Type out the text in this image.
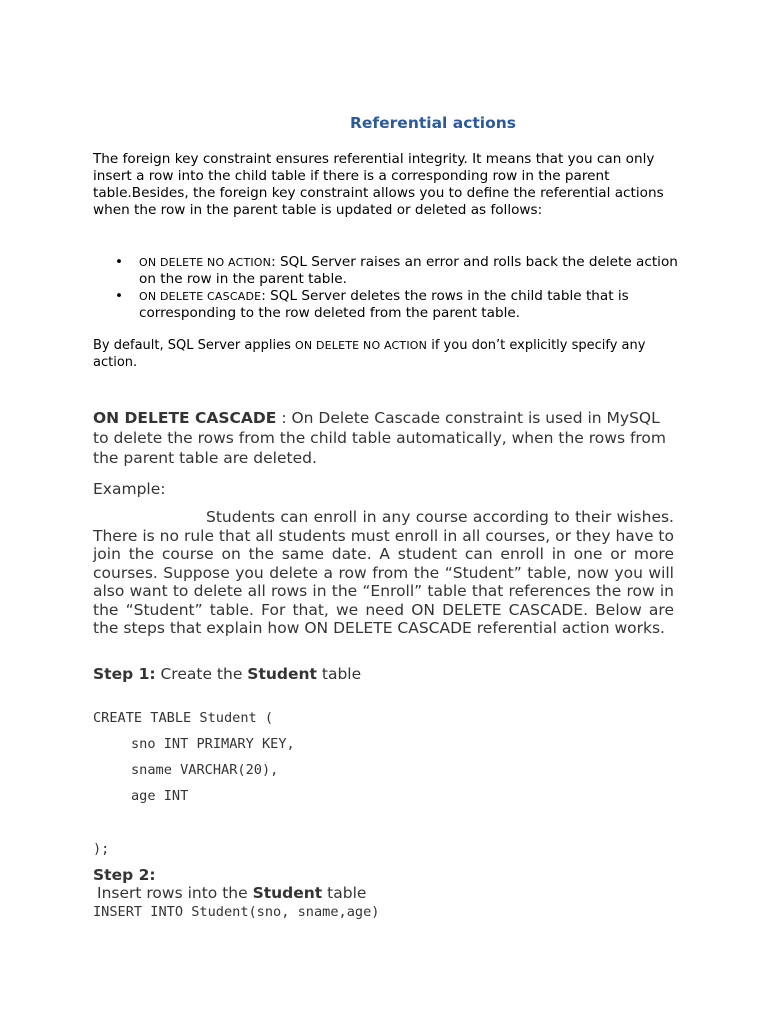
Referential actions

The foreign key constraint ensures referential integrity. It means that you can only insert a row into the child table if there is a corresponding row in the parent table.Besides, the foreign key constraint allows you to define the referential actions when the row in the parent table is updated or deleted as follows:

• ON DELETE NO ACTION: SQL Server raises an error and rolls back the delete action on the row in the parent table.
• ON DELETE CASCADE: SQL Server deletes the rows in the child table that is corresponding to the row deleted from the parent table.

By default, SQL Server applies ON DELETE NO ACTION if you don’t explicitly specify any action.

ON DELETE CASCADE : On Delete Cascade constraint is used in MySQL to delete the rows from the child table automatically, when the rows from the parent table are deleted.

Example:

Students can enroll in any course according to their wishes. There is no rule that all students must enroll in all courses, or they have to join the course on the same date. A student can enroll in one or more courses. Suppose you delete a row from the “Student” table, now you will also want to delete all rows in the “Enroll” table that references the row in the “Student” table. For that, we need ON DELETE CASCADE. Below are the steps that explain how ON DELETE CASCADE referential action works.

Step 1: Create the Student table

CREATE TABLE Student (
sno INT PRIMARY KEY,
sname VARCHAR(20),
age INT
);

Step 2:

Insert rows into the Student table

INSERT INTO Student(sno, sname,age)
